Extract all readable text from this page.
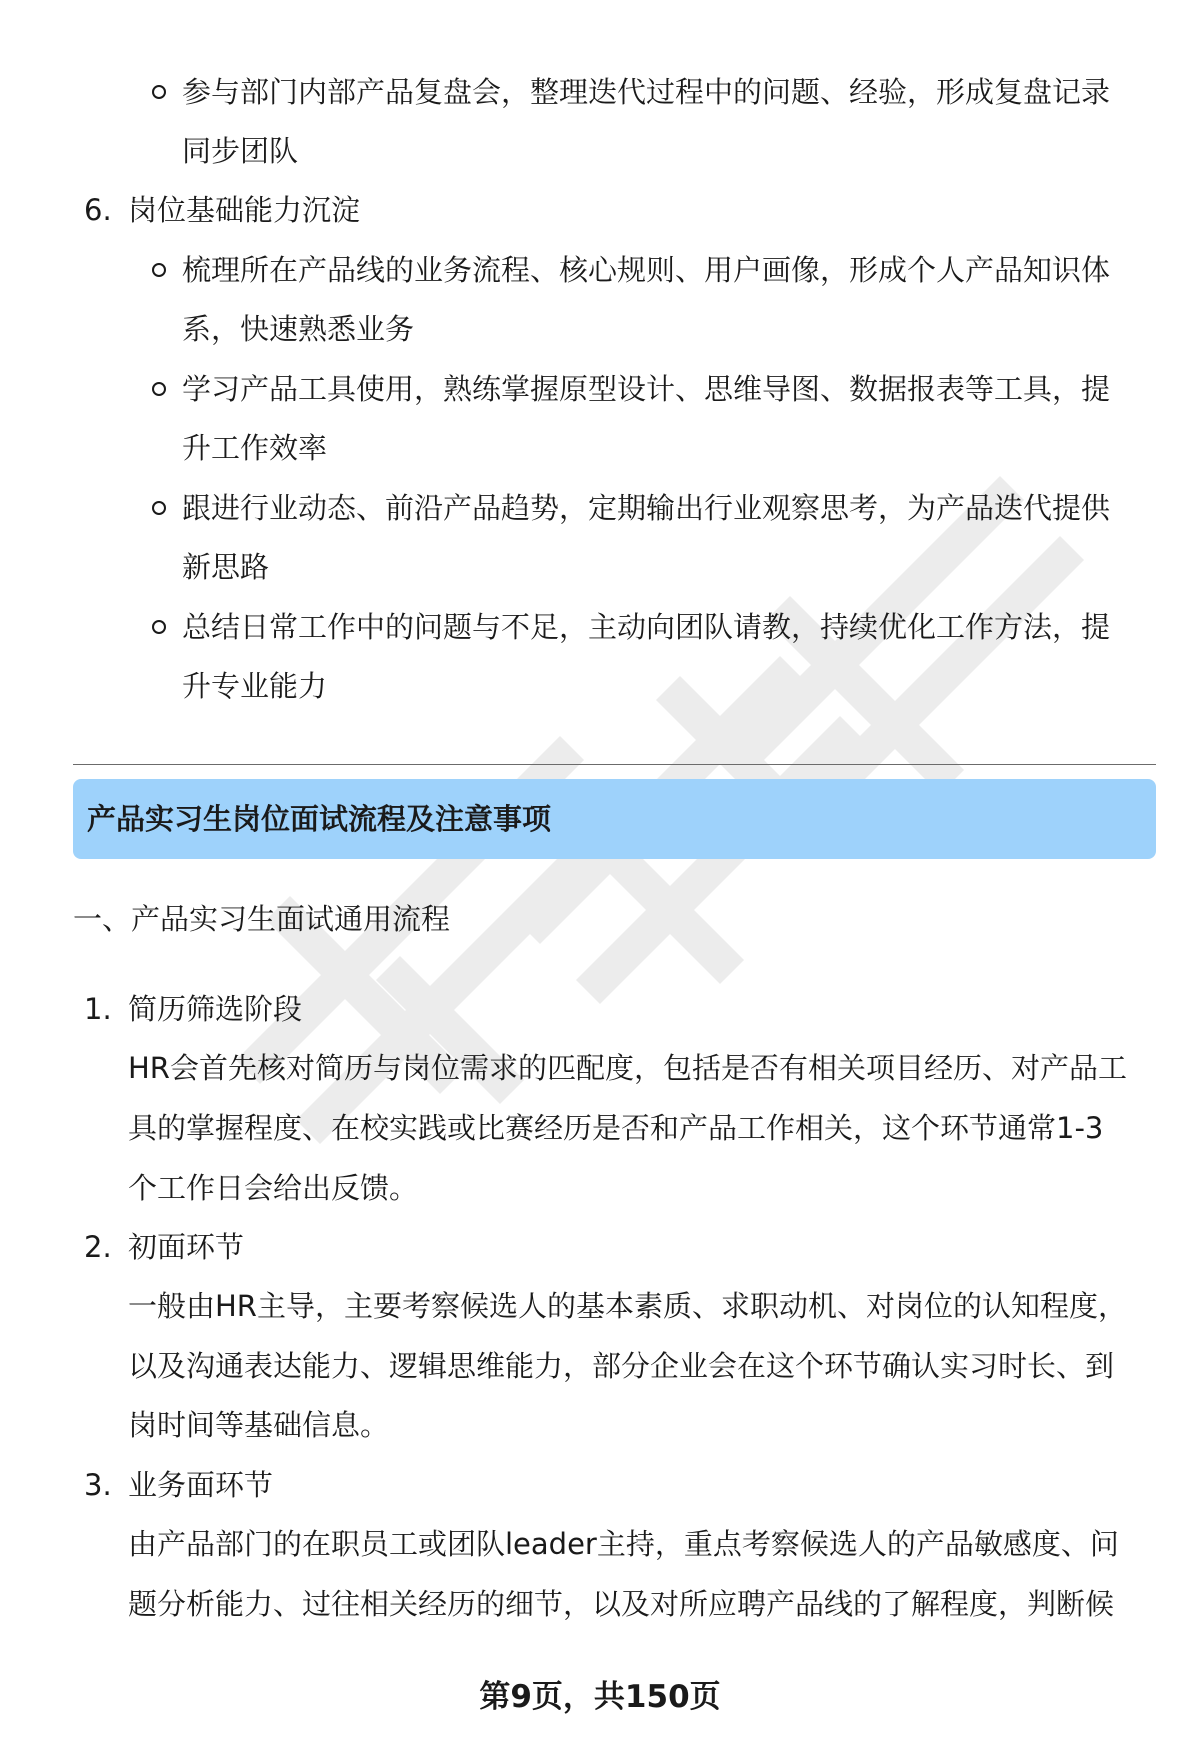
参与部门内部产品复盘会，整理迭代过程中的问题、经验，形成复盘记录
同步团队
6. 岗位基础能力沉淀
梳理所在产品线的业务流程、核心规则、用户画像，形成个人产品知识体
系，快速熟悉业务
学习产品工具使用，熟练掌握原型设计、思维导图、数据报表等工具，提
升工作效率
跟进行业动态、前沿产品趋势，定期输出行业观察思考，为产品迭代提供
新思路
总结日常工作中的问题与不足，主动向团队请教，持续优化工作方法，提
升专业能力
产品实习生岗位面试流程及注意事项
一、产品实习生面试通用流程
1. 简历筛选阶段
HR会首先核对简历与岗位需求的匹配度，包括是否有相关项目经历、对产品工
具的掌握程度、在校实践或比赛经历是否和产品工作相关，这个环节通常1-3
个工作日会给出反馈。
2. 初面环节
一般由HR主导，主要考察候选人的基本素质、求职动机、对岗位的认知程度，
以及沟通表达能力、逻辑思维能力，部分企业会在这个环节确认实习时长、到
岗时间等基础信息。
3. 业务面环节
由产品部门的在职员工或团队leader主持，重点考察候选人的产品敏感度、问
题分析能力、过往相关经历的细节，以及对所应聘产品线的了解程度，判断候
第9页，共150页
